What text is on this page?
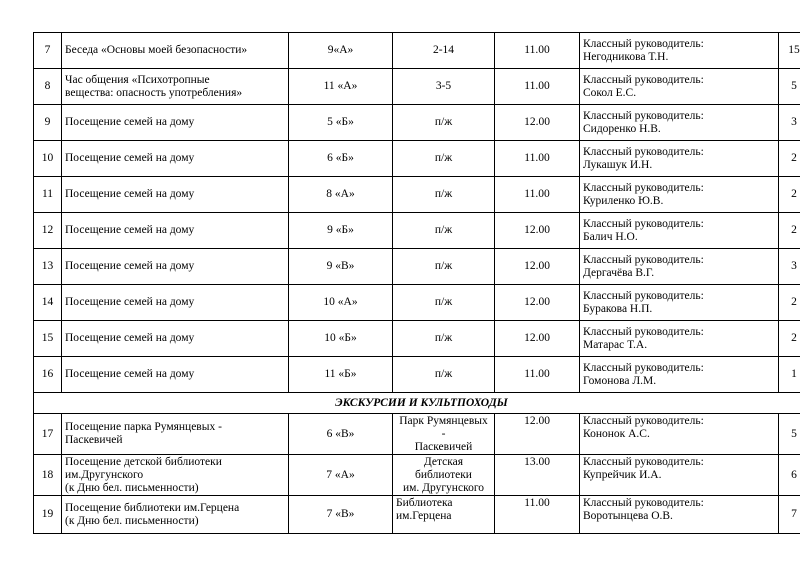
7	Беседа «Основы моей безопасности»	9«А»	2-14	11.00	Классный руководитель:
Негодникова Т.Н.	15
8	Час общения «Психотропные
вещества: опасность употребления»	11 «А»	3-5	11.00	Классный руководитель:
Сокол Е.С.	5
9	Посещение семей на дому	5 «Б»	п/ж	12.00	Классный руководитель:
Сидоренко Н.В.	3
10	Посещение семей на дому	6 «Б»	п/ж	11.00	Классный руководитель:
Лукашук И.Н.	2
11	Посещение семей на дому	8 «А»	п/ж	11.00	Классный руководитель:
Куриленко Ю.В.	2
12	Посещение семей на дому	9 «Б»	п/ж	12.00	Классный руководитель:
Балич Н.О.	2
13	Посещение семей на дому	9 «В»	п/ж	12.00	Классный руководитель:
Дергачёва В.Г.	3
14	Посещение семей на дому	10 «А»	п/ж	12.00	Классный руководитель:
Буракова Н.П.	2
15	Посещение семей на дому	10 «Б»	п/ж	12.00	Классный руководитель:
Матарас Т.А.	2
16	Посещение семей на дому	11 «Б»	п/ж	11.00	Классный руководитель:
Гомонова Л.М.	1
ЭКСКУРСИИ И КУЛЬТПОХОДЫ						
17	Посещение парка Румянцевых -
Паскевичей	6 «В»	Парк Румянцевых -
Паскевичей	12.00	Классный руководитель:
Кононок А.С.	5
18	Посещение детской библиотеки
им.Другунского
(к Дню бел. письменности)	7 «А»	Детская
библиотеки
им. Другунского	13.00	Классный руководитель:
Купрейчик И.А.	6
19	Посещение библиотеки им.Герцена
(к Дню бел. письменности)	7 «В»	Библиотека
им.Герцена	11.00	Классный руководитель:
Воротынцева О.В.	7
